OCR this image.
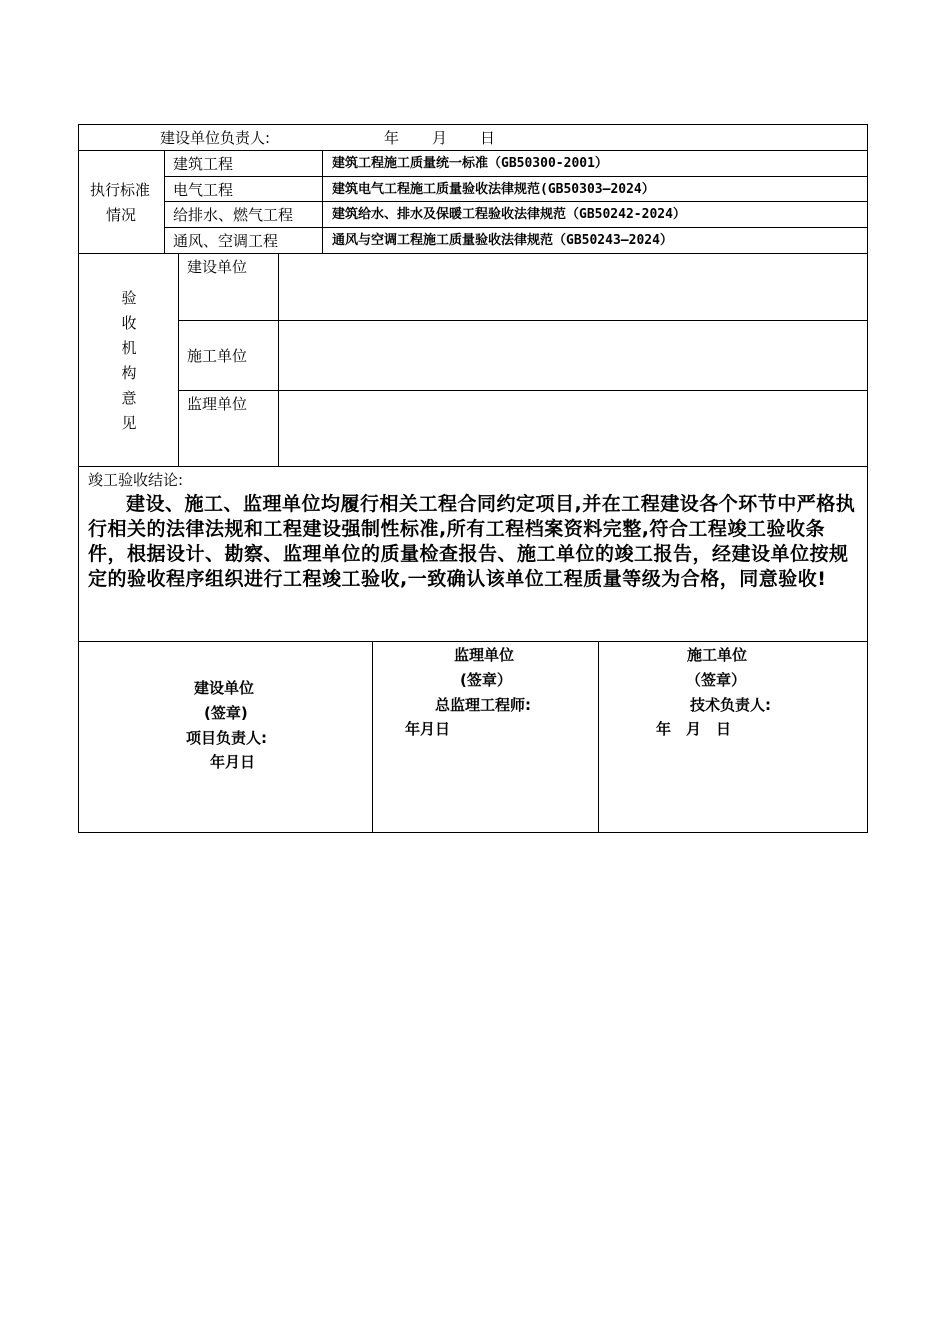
建设单位负责人:	年 月 日
执行标准
情况
建筑工程	建筑工程施工质量统一标准（GB50300-2001）
电气工程	建筑电气工程施工质量验收法律规范(GB50303—2024）
给排水、燃气工程	建筑给水、排水及保暖工程验收法律规范（GB50242-2024）
通风、空调工程	通风与空调工程施工质量验收法律规范（GB50243—2024）
验
收
机
构
意
见
建设单位
施工单位
监理单位
竣工验收结论:
建设、施工、监理单位均履行相关工程合同约定项目,并在工程建设各个环节中严格执行相关的法律法规和工程建设强制性标准,所有工程档案资料完整,符合工程竣工验收条件，根据设计、勘察、监理单位的质量检查报告、施工单位的竣工报告，经建设单位按规定的验收程序组织进行工程竣工验收,一致确认该单位工程质量等级为合格，同意验收!
建设单位
(签章)
项目负责人:
年月日
监理单位
(签章）
总监理工程师:
年月日
施工单位
（签章）
技术负责人:
年　月　日
